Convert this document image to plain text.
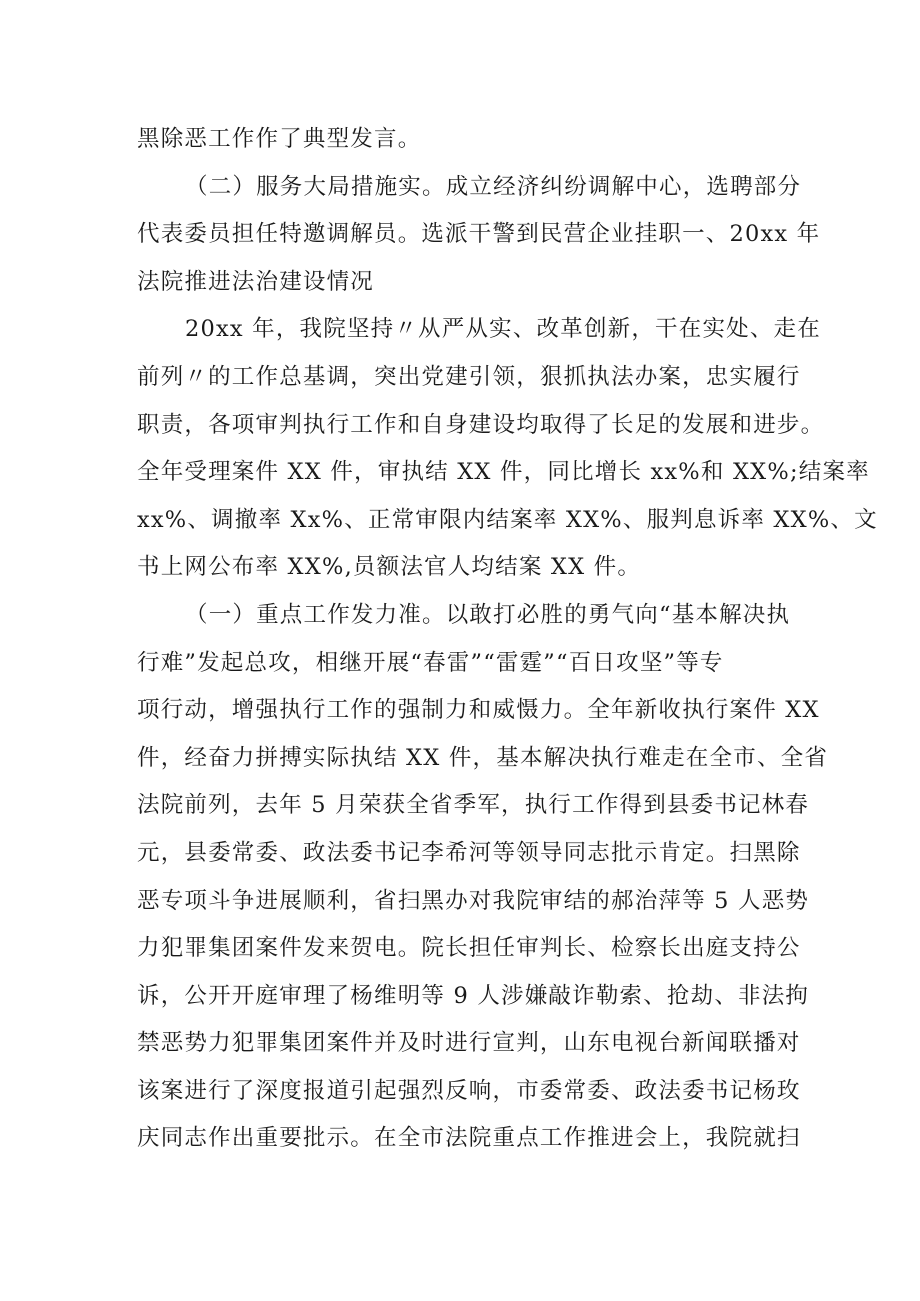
黑除恶工作作了典型发言。
（二）服务大局措施实。成立经济纠纷调解中心，选聘部分
代表委员担任特邀调解员。选派干警到民营企业挂职一、20xx 年
法院推进法治建设情况
20xx 年，我院坚持〃从严从实、改革创新，干在实处、走在
前列〃的工作总基调，突出党建引领，狠抓执法办案，忠实履行
职责，各项审判执行工作和自身建设均取得了长足的发展和进步。
全年受理案件 XX 件，审执结 XX 件，同比增长 xx%和 XX%;结案率
xx%、调撤率 Xx%、正常审限内结案率 XX%、服判息诉率 XX%、文
书上网公布率 XX%,员额法官人均结案 XX 件。
（一）重点工作发力准。以敢打必胜的勇气向“基本解决执
行难”发起总攻，相继开展“春雷”“雷霆”“百日攻坚”等专
项行动，增强执行工作的强制力和威慑力。全年新收执行案件 XX
件，经奋力拼搏实际执结 XX 件，基本解决执行难走在全市、全省
法院前列，去年 5 月荣获全省季军，执行工作得到县委书记林春
元，县委常委、政法委书记李希河等领导同志批示肯定。扫黑除
恶专项斗争进展顺利，省扫黑办对我院审结的郝治萍等 5 人恶势
力犯罪集团案件发来贺电。院长担任审判长、检察长出庭支持公
诉，公开开庭审理了杨维明等 9 人涉嫌敲诈勒索、抢劫、非法拘
禁恶势力犯罪集团案件并及时进行宣判，山东电视台新闻联播对
该案进行了深度报道引起强烈反响，市委常委、政法委书记杨玫
庆同志作出重要批示。在全市法院重点工作推进会上，我院就扫
